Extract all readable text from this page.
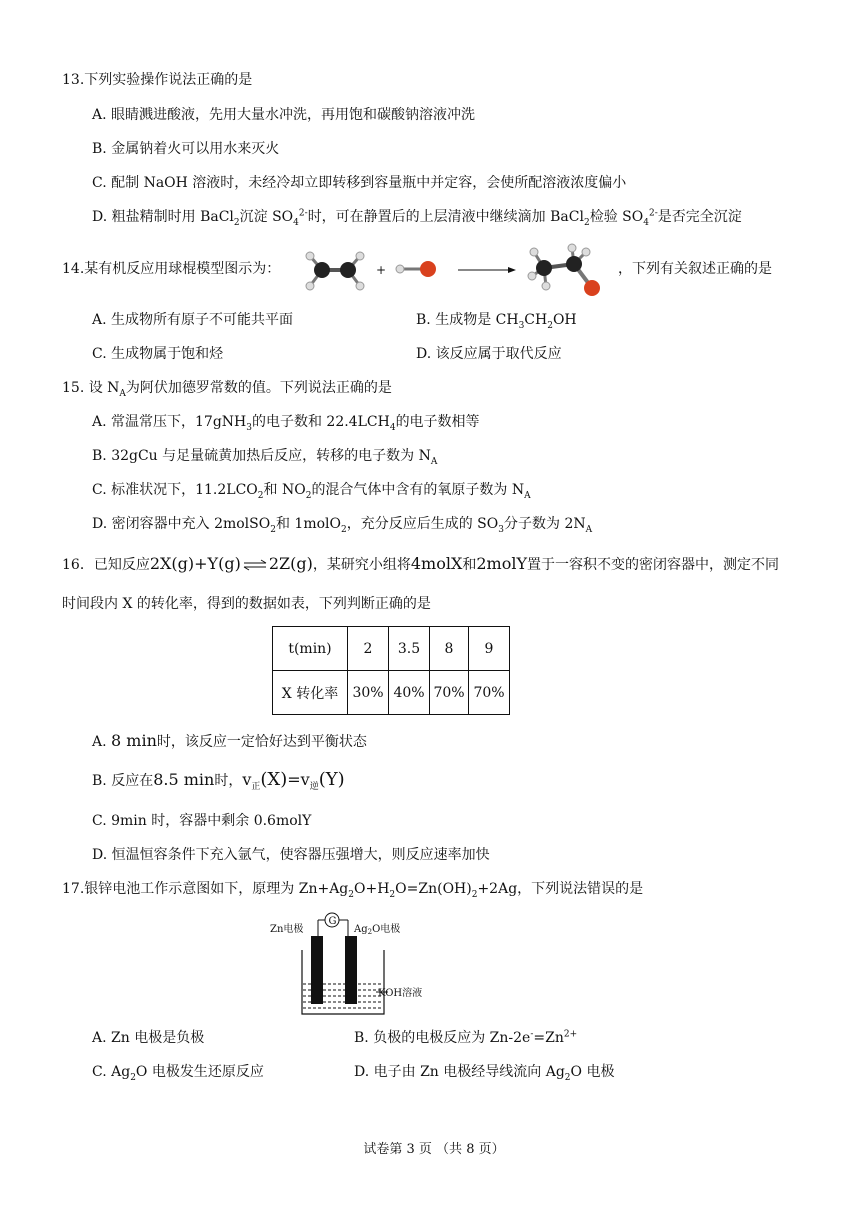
13.下列实验操作说法正确的是
A. 眼睛溅进酸液，先用大量水冲洗，再用饱和碳酸钠溶液冲洗
B. 金属钠着火可以用水来灭火
C. 配制 NaOH 溶液时，未经冷却立即转移到容量瓶中并定容，会使所配溶液浓度偏小
D. 粗盐精制时用 BaCl$_2$沉淀 $SO_4^{2-}$时，可在静置后的上层清液中继续滴加 BaCl$_2$检验 $SO_4^{2-}$是否完全沉淀
14.某有机反应用球棍模型图示为：	+	，下列有关叙述正确的是
A. 生成物所有原子不可能共平面	B. 生成物是 $CH_3CH_2OH$
C. 生成物属于饱和烃	D. 该反应属于取代反应
15. 设 $N_A$为阿伏加德罗常数的值。下列说法正确的是
A. 常温常压下，17gNH$_3$的电子数和 $22.4LCH_4$的电子数相等
B. 32gCu 与足量硫黄加热后反应，转移的电子数为 $N_A$
C. 标准状况下，$11.2LCO_2$和 $NO_2$的混合气体中含有的氧原子数为 $N_A$
D. 密闭容器中充入 2molSO$_2$和 1molO$_2$，充分反应后生成的 $SO_3$分子数为 $2N_A$
16．已知反应2X(g)+Y(g) ⇌ 2Z(g)，某研究小组将4molX和2molY置于一容积不变的密闭容器中，测定不同
时间段内 X 的转化率，得到的数据如表，下列判断正确的是
t(min)	2	3.5	8	9
X 转化率	30%	40%	70%	70%
A. 8 min时，该反应一定恰好达到平衡状态
B. 反应在8.5 min时，$v_正(X)=v_逆(Y)$
C. 9min 时，容器中剩余 0.6molY
D. 恒温恒容条件下充入氩气，使容器压强增大，则反应速率加快
17.银锌电池工作示意图如下，原理为 $Zn+Ag_2O+H_2O=Zn(OH)_2+2Ag$，下列说法错误的是
Zn电极	$Ag_2O$电极
G
KOH溶液
A. Zn 电极是负极	B. 负极的电极反应为 $Zn-2e^-=Zn^{2+}$
C. $Ag_2O$ 电极发生还原反应	D. 电子由 Zn 电极经导线流向 $Ag_2O$ 电极
试卷第 3 页 （共 8 页）
